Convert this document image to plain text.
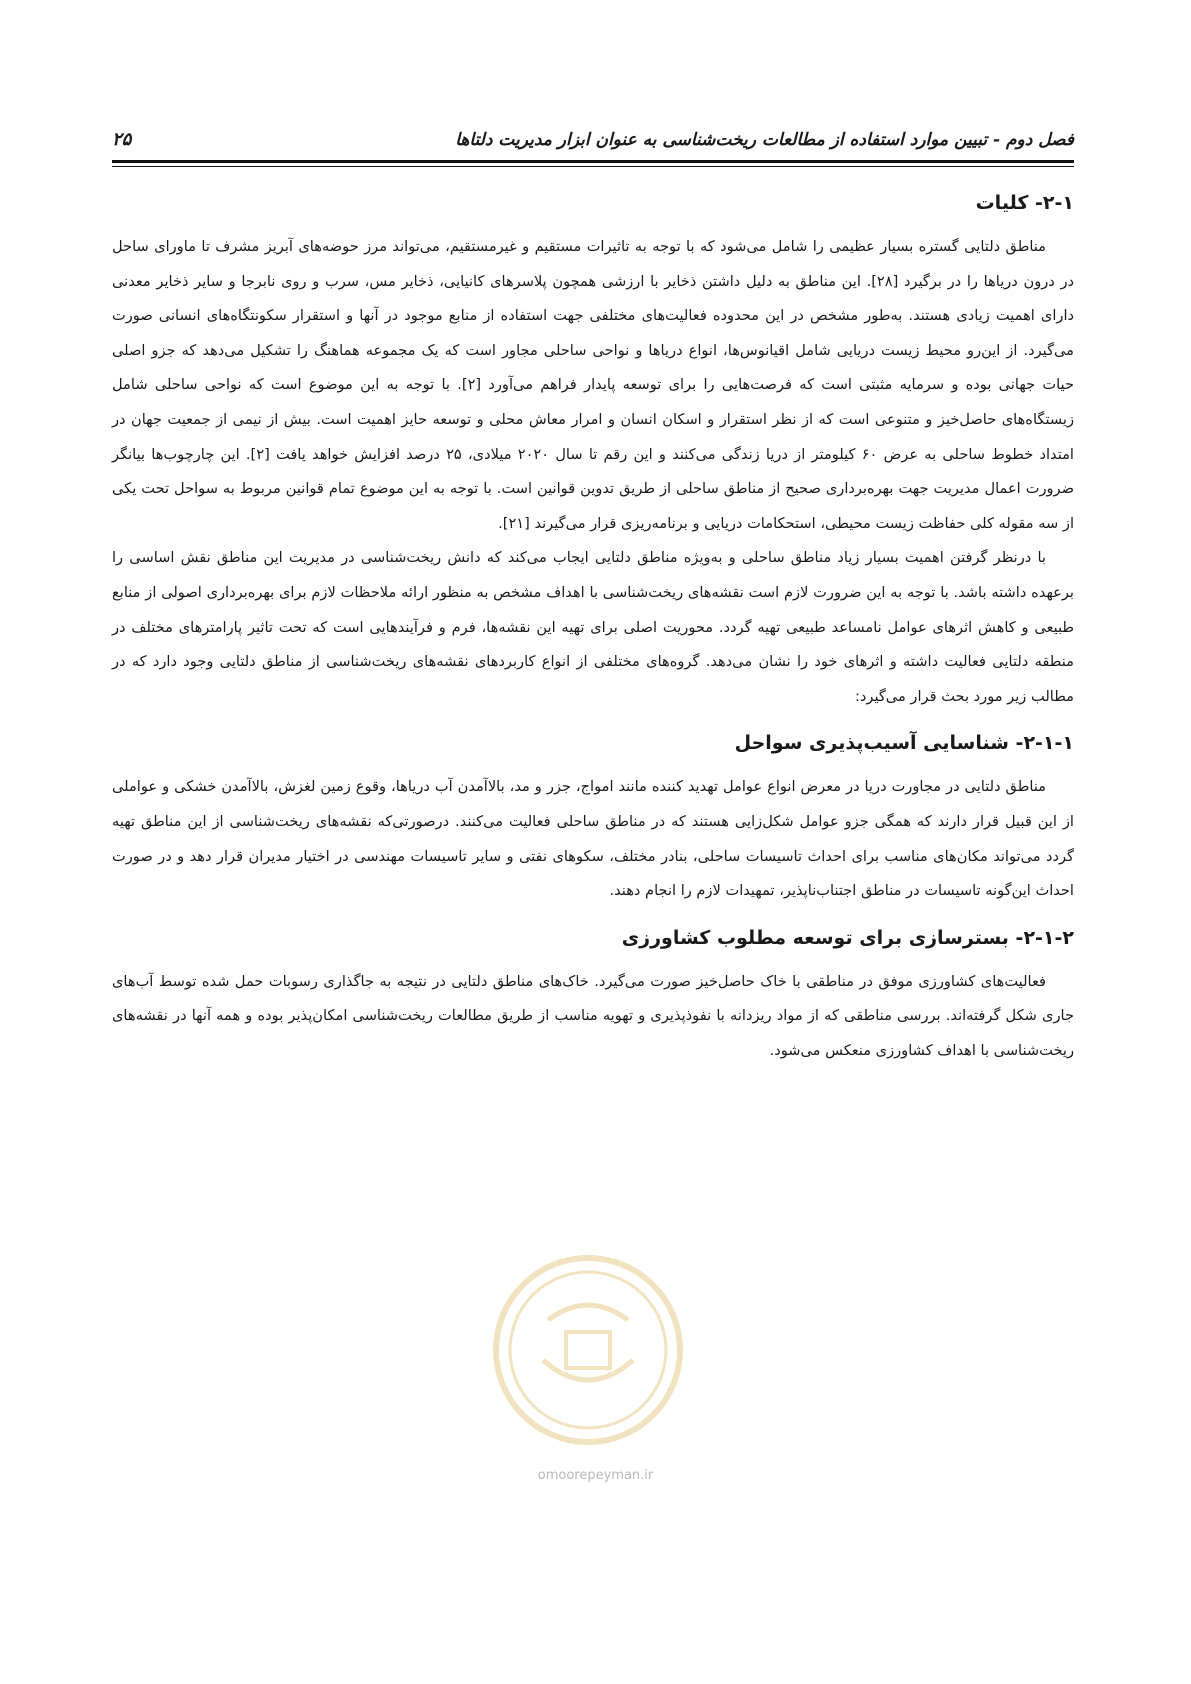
فصل دوم - تبیین موارد استفاده از مطالعات ریخت‌شناسی به عنوان ابزار مدیریت دلتاها
۲۵
۲-۱- کلیات

مناطق دلتایی گستره بسیار عظیمی را شامل می‌شود که با توجه به تاثیرات مستقیم و غیرمستقیم، می‌تواند مرز حوضه‌های آبریز مشرف تا ماورای ساحل در درون دریاها را در برگیرد [۲۸]. این مناطق به دلیل داشتن ذخایر با ارزشی همچون پلاسرهای کانیایی، ذخایر مس، سرب و روی نابرجا و سایر ذخایر معدنی دارای اهمیت زیادی هستند. به‌طور مشخص در این محدوده فعالیت‌های مختلفی جهت استفاده از منابع موجود در آنها و استقرار سکونتگاه‌های انسانی صورت می‌گیرد. از این‌رو محیط زیست دریایی شامل اقیانوس‌ها، انواع دریاها و نواحی ساحلی مجاور است که یک مجموعه هماهنگ را تشکیل می‌دهد که جزو اصلی حیات جهانی بوده و سرمایه مثبتی است که فرصت‌هایی را برای توسعه پایدار فراهم می‌آورد [۲]. با توجه به این موضوع است که نواحی ساحلی شامل زیستگاه‌های حاصل‌خیز و متنوعی است که از نظر استقرار و اسکان انسان و امرار معاش محلی و توسعه حایز اهمیت است. بیش از نیمی از جمعیت جهان در امتداد خطوط ساحلی به عرض ۶۰ کیلومتر از دریا زندگی می‌کنند و این رقم تا سال ۲۰۲۰ میلادی، ۲۵ درصد افزایش خواهد یافت [۲]. این چارچوب‌ها بیانگر ضرورت اعمال مدیریت جهت بهره‌برداری صحیح از مناطق ساحلی از طریق تدوین قوانین است. با توجه به این موضوع تمام قوانین مربوط به سواحل تحت یکی از سه مقوله کلی حفاظت زیست محیطی، استحکامات دریایی و برنامه‌ریزی قرار می‌گیرند [۲۱].

با درنظر گرفتن اهمیت بسیار زیاد مناطق ساحلی و به‌ویژه مناطق دلتایی ایجاب می‌کند که دانش ریخت‌شناسی در مدیریت این مناطق نقش اساسی را برعهده داشته باشد. با توجه به این ضرورت لازم است نقشه‌های ریخت‌شناسی با اهداف مشخص به منظور ارائه ملاحظات لازم برای بهره‌برداری اصولی از منابع طبیعی و کاهش اثرهای عوامل نامساعد طبیعی تهیه گردد. محوریت اصلی برای تهیه این نقشه‌ها، فرم و فرآیندهایی است که تحت تاثیر پارامترهای مختلف در منطقه دلتایی فعالیت داشته و اثرهای خود را نشان می‌دهد. گروه‌های مختلفی از انواع کاربردهای نقشه‌های ریخت‌شناسی از مناطق دلتایی وجود دارد که در مطالب زیر مورد بحث قرار می‌گیرد:

۲-۱-۱- شناسایی آسیب‌پذیری سواحل

مناطق دلتایی در مجاورت دریا در معرض انواع عوامل تهدید کننده مانند امواج، جزر و مد، بالاآمدن آب دریاها، وقوع زمین لغزش، بالاآمدن خشکی و عواملی از این قبیل قرار دارند که همگی جزو عوامل شکل‌زایی هستند که در مناطق ساحلی فعالیت می‌کنند. درصورتی‌که نقشه‌های ریخت‌شناسی از این مناطق تهیه گردد می‌تواند مکان‌های مناسب برای احداث تاسیسات ساحلی، بنادر مختلف، سکوهای نفتی و سایر تاسیسات مهندسی در اختیار مدیران قرار دهد و در صورت احداث این‌گونه تاسیسات در مناطق اجتناب‌ناپذیر، تمهیدات لازم را انجام دهند.

۲-۱-۲- بسترسازی برای توسعه مطلوب کشاورزی

فعالیت‌های کشاورزی موفق در مناطقی با خاک حاصل‌خیز صورت می‌گیرد. خاک‌های مناطق دلتایی در نتیجه به جاگذاری رسوبات حمل شده توسط آب‌های جاری شکل گرفته‌اند. بررسی مناطقی که از مواد ریزدانه با نفوذپذیری و تهویه مناسب از طریق مطالعات ریخت‌شناسی امکان‌پذیر بوده و همه آنها در نقشه‌های ریخت‌شناسی با اهداف کشاورزی منعکس می‌شود.

omoorepeyman.ir
